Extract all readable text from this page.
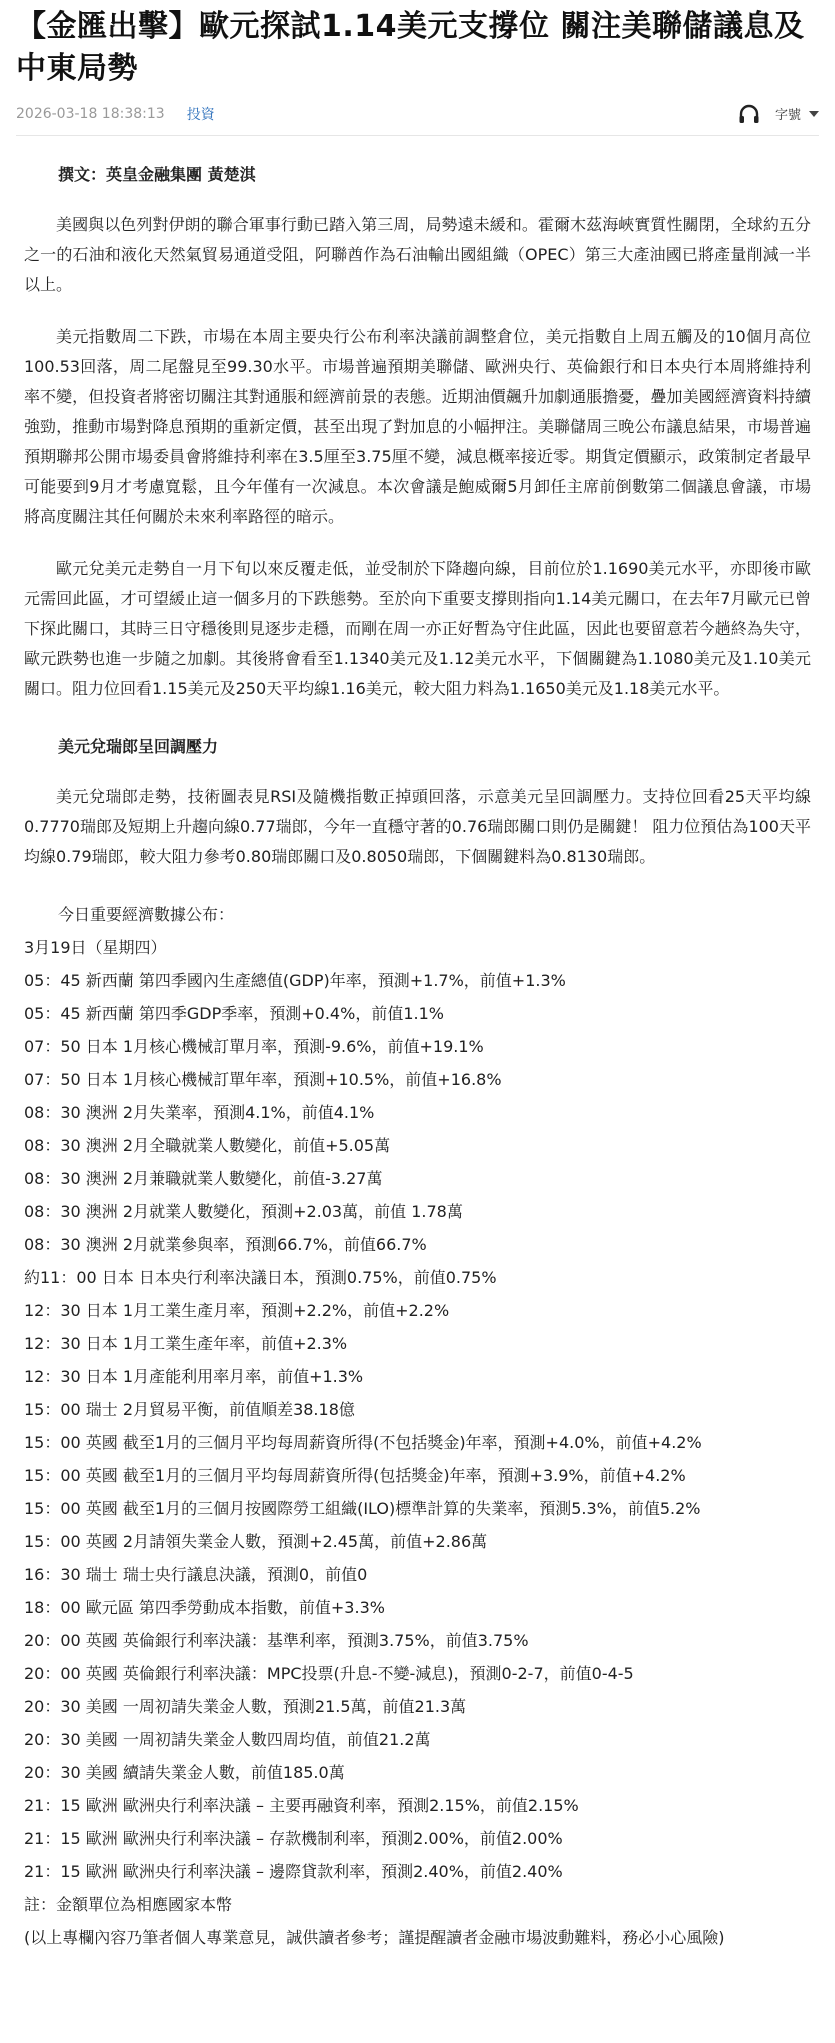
【金匯出擊】歐元探試1.14美元支撐位 關注美聯儲議息及中東局勢
2026-03-18 18:38:13 投資	字號

撰文：英皇金融集團 黃楚淇

美國與以色列對伊朗的聯合軍事行動已踏入第三周，局勢遠未緩和。霍爾木茲海峽實質性關閉，全球約五分之一的石油和液化天然氣貿易通道受阻，阿聯酋作為石油輸出國組織（OPEC）第三大產油國已將產量削減一半以上。

美元指數周二下跌，市場在本周主要央行公布利率決議前調整倉位，美元指數自上周五觸及的10個月高位100.53回落，周二尾盤見至99.30水平。市場普遍預期美聯儲、歐洲央行、英倫銀行和日本央行本周將維持利率不變，但投資者將密切關注其對通脹和經濟前景的表態。近期油價飆升加劇通脹擔憂，疊加美國經濟資料持續強勁，推動市場對降息預期的重新定價，甚至出現了對加息的小幅押注。美聯儲周三晚公布議息結果，市場普遍預期聯邦公開市場委員會將維持利率在3.5厘至3.75厘不變，減息概率接近零。期貨定價顯示，政策制定者最早可能要到9月才考慮寬鬆，且今年僅有一次減息。本次會議是鮑威爾5月卸任主席前倒數第二個議息會議，市場將高度關注其任何關於未來利率路徑的暗示。

歐元兌美元走勢自一月下旬以來反覆走低，並受制於下降趨向線，目前位於1.1690美元水平，亦即後市歐元需回此區，才可望緩止這一個多月的下跌態勢。至於向下重要支撐則指向1.14美元關口，在去年7月歐元已曾下探此關口，其時三日守穩後則見逐步走穩，而剛在周一亦正好暫為守住此區，因此也要留意若今趟終為失守，歐元跌勢也進一步隨之加劇。其後將會看至1.1340美元及1.12美元水平，下個關鍵為1.1080美元及1.10美元關口。阻力位回看1.15美元及250天平均線1.16美元，較大阻力料為1.1650美元及1.18美元水平。

美元兌瑞郎呈回調壓力

美元兌瑞郎走勢，技術圖表見RSI及隨機指數正掉頭回落，示意美元呈回調壓力。支持位回看25天平均線0.7770瑞郎及短期上升趨向線0.77瑞郎，今年一直穩守著的0.76瑞郎關口則仍是關鍵！ 阻力位預估為100天平均線0.79瑞郎，較大阻力參考0.80瑞郎關口及0.8050瑞郎，下個關鍵料為0.8130瑞郎。

今日重要經濟數據公布：
3月19日（星期四）
05：45 新西蘭 第四季國內生產總值(GDP)年率，預測+1.7%，前值+1.3%
05：45 新西蘭 第四季GDP季率，預測+0.4%，前值1.1%
07：50 日本 1月核心機械訂單月率，預測-9.6%，前值+19.1%
07：50 日本 1月核心機械訂單年率，預測+10.5%，前值+16.8%
08：30 澳洲 2月失業率，預測4.1%，前值4.1%
08：30 澳洲 2月全職就業人數變化，前值+5.05萬
08：30 澳洲 2月兼職就業人數變化，前值-3.27萬
08：30 澳洲 2月就業人數變化，預測+2.03萬，前值 1.78萬
08：30 澳洲 2月就業參與率，預測66.7%，前值66.7%
約11：00 日本 日本央行利率決議日本，預測0.75%，前值0.75%
12：30 日本 1月工業生產月率，預測+2.2%，前值+2.2%
12：30 日本 1月工業生產年率，前值+2.3%
12：30 日本 1月產能利用率月率，前值+1.3%
15：00 瑞士 2月貿易平衡，前值順差38.18億
15：00 英國 截至1月的三個月平均每周薪資所得(不包括獎金)年率，預測+4.0%，前值+4.2%
15：00 英國 截至1月的三個月平均每周薪資所得(包括獎金)年率，預測+3.9%，前值+4.2%
15：00 英國 截至1月的三個月按國際勞工組織(ILO)標準計算的失業率，預測5.3%，前值5.2%
15：00 英國 2月請領失業金人數，預測+2.45萬，前值+2.86萬
16：30 瑞士 瑞士央行議息決議，預測0，前值0
18：00 歐元區 第四季勞動成本指數，前值+3.3%
20：00 英國 英倫銀行利率決議：基準利率，預測3.75%，前值3.75%
20：00 英國 英倫銀行利率決議：MPC投票(升息-不變-減息)，預測0-2-7，前值0-4-5
20：30 美國 一周初請失業金人數，預測21.5萬，前值21.3萬
20：30 美國 一周初請失業金人數四周均值，前值21.2萬
20：30 美國 續請失業金人數，前值185.0萬
21：15 歐洲 歐洲央行利率決議 – 主要再融資利率，預測2.15%，前值2.15%
21：15 歐洲 歐洲央行利率決議 – 存款機制利率，預測2.00%，前值2.00%
21：15 歐洲 歐洲央行利率決議 – 邊際貸款利率，預測2.40%，前值2.40%
註：金額單位為相應國家本幣
(以上專欄內容乃筆者個人專業意見，誠供讀者參考；謹提醒讀者金融市場波動難料，務必小心風險)
